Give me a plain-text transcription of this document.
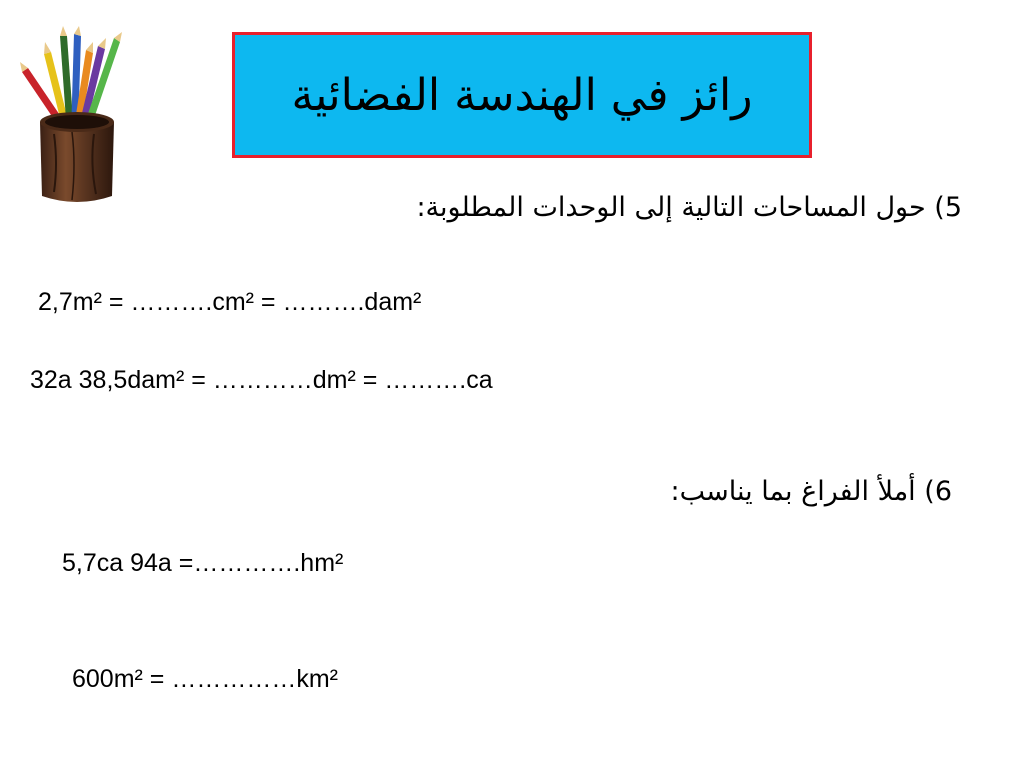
رائز في الهندسة الفضائية
5) حول المساحات التالية إلى الوحدات المطلوبة:
2,7m² = ……….cm² = ……….dam²
32a 38,5dam² = …………dm² = ……….ca
6) أملأ الفراغ بما يناسب:
5,7ca 94a =………….hm²
600m² = ……………km²
